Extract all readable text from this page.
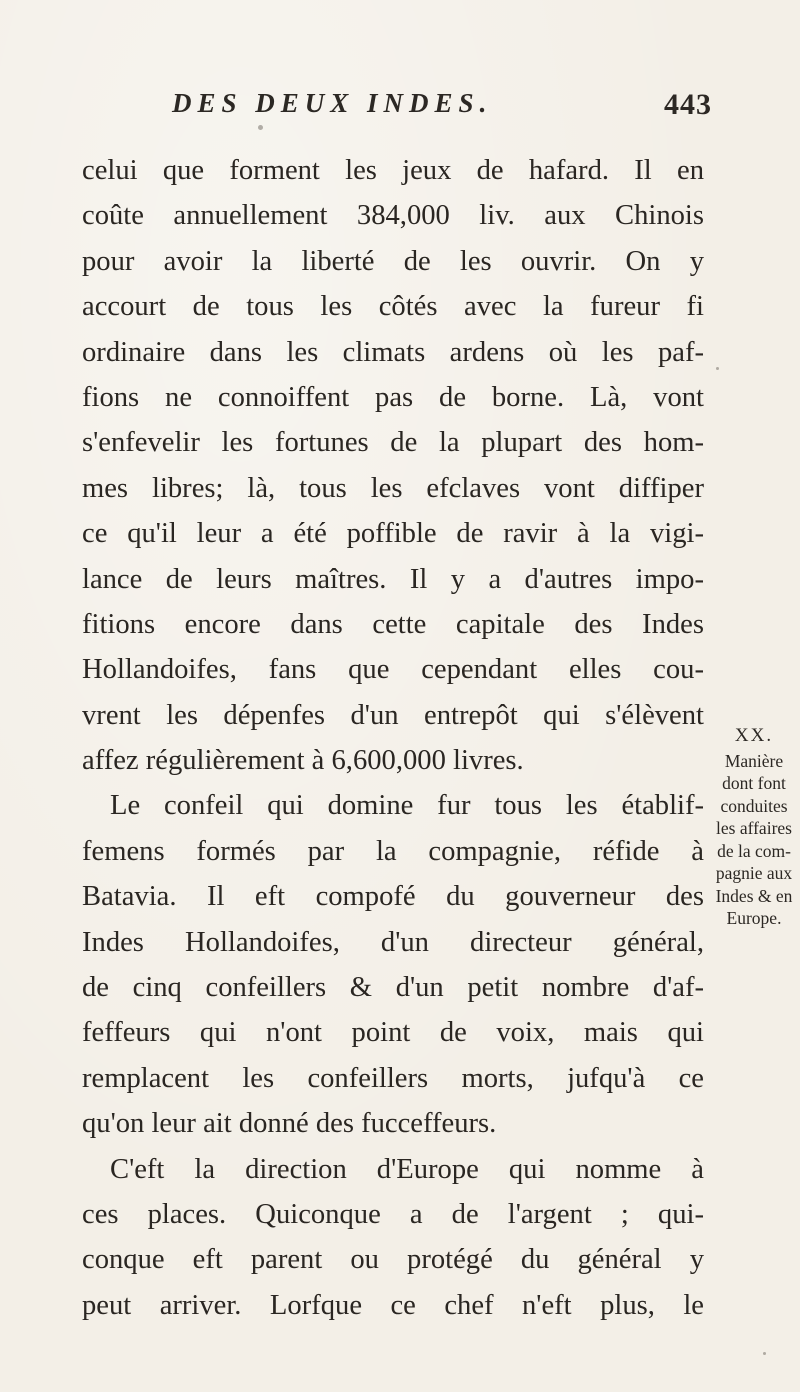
DES DEUX INDES.	443
celui que forment les jeux de hafard. Il en
coûte annuellement 384,000 liv. aux Chinois
pour avoir la liberté de les ouvrir. On y
accourt de tous les côtés avec la fureur fi
ordinaire dans les climats ardens où les paf-
fions ne connoiffent pas de borne. Là, vont
s'enfevelir les fortunes de la plupart des hom-
mes libres; là, tous les efclaves vont diffiper
ce qu'il leur a été poffible de ravir à la vigi-
lance de leurs maîtres. Il y a d'autres impo-
fitions encore dans cette capitale des Indes
Hollandoifes, fans que cependant elles cou-
vrent les dépenfes d'un entrepôt qui s'élèvent
affez régulièrement à 6,600,000 livres.
Le confeil qui domine fur tous les établif-
femens formés par la compagnie, réfide à
Batavia. Il eft compofé du gouverneur des
Indes Hollandoifes, d'un directeur général,
de cinq confeillers & d'un petit nombre d'af-
feffeurs qui n'ont point de voix, mais qui
remplacent les confeillers morts, jufqu'à ce
qu'on leur ait donné des fucceffeurs.
C'eft la direction d'Europe qui nomme à
ces places. Quiconque a de l'argent ; qui-
conque eft parent ou protégé du général y
peut arriver. Lorfque ce chef n'eft plus, le
XX.
Manière
dont font
conduites
les affaires
de la com-
pagnie aux
Indes & en
Europe.
